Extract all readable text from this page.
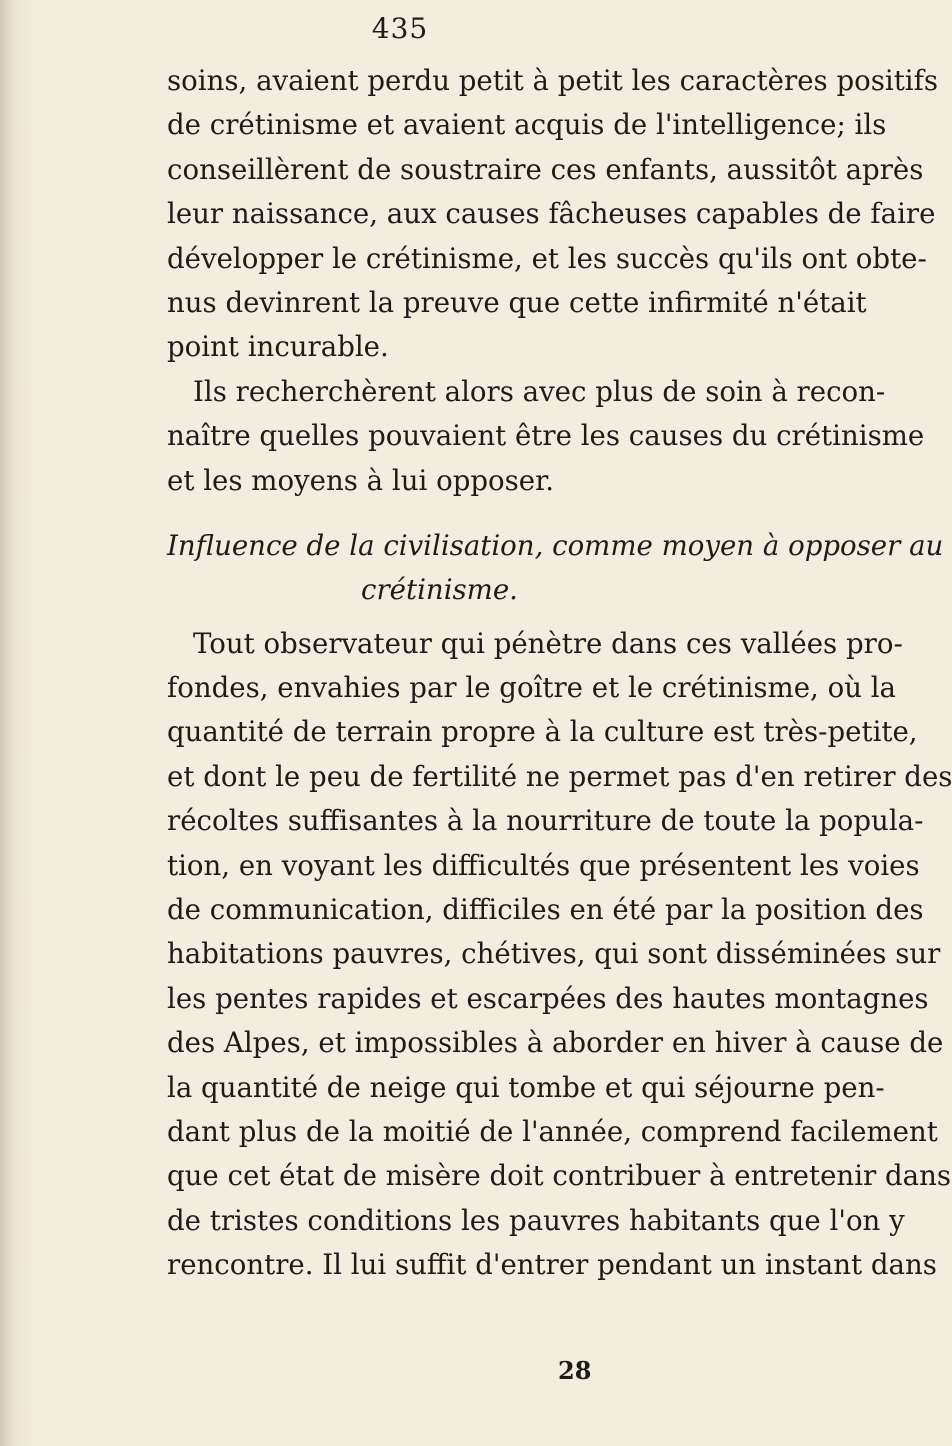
435
soins, avaient perdu petit à petit les caractères positifs
de crétinisme et avaient acquis de l'intelligence; ils
conseillèrent de soustraire ces enfants, aussitôt après
leur naissance, aux causes fâcheuses capables de faire
développer le crétinisme, et les succès qu'ils ont obte-
nus devinrent la preuve que cette infirmité n'était
point incurable.
Ils recherchèrent alors avec plus de soin à recon-
naître quelles pouvaient être les causes du crétinisme
et les moyens à lui opposer.
Influence de la civilisation, comme moyen à opposer au
crétinisme.
Tout observateur qui pénètre dans ces vallées pro-
fondes, envahies par le goître et le crétinisme, où la
quantité de terrain propre à la culture est très-petite,
et dont le peu de fertilité ne permet pas d'en retirer des
récoltes suffisantes à la nourriture de toute la popula-
tion, en voyant les difficultés que présentent les voies
de communication, difficiles en été par la position des
habitations pauvres, chétives, qui sont disséminées sur
les pentes rapides et escarpées des hautes montagnes
des Alpes, et impossibles à aborder en hiver à cause de
la quantité de neige qui tombe et qui séjourne pen-
dant plus de la moitié de l'année, comprend facilement
que cet état de misère doit contribuer à entretenir dans
de tristes conditions les pauvres habitants que l'on y
rencontre. Il lui suffit d'entrer pendant un instant dans
28
